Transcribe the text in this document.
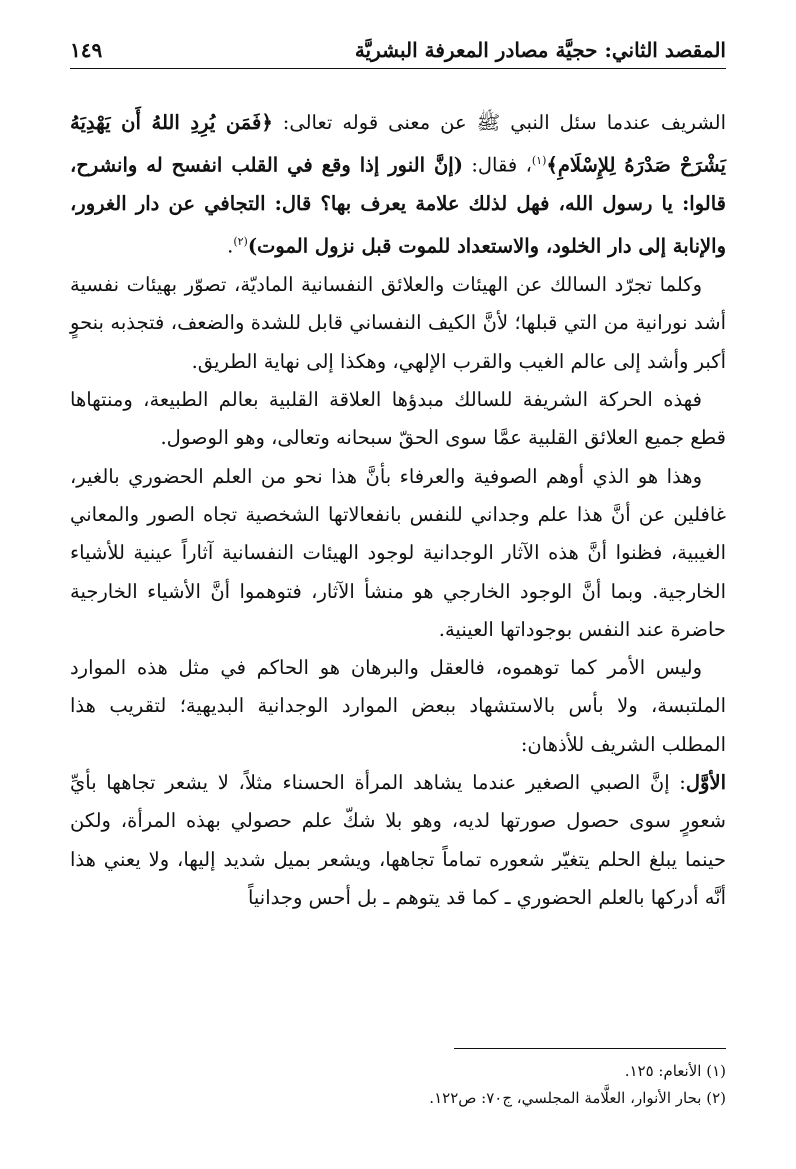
المقصد الثاني: حجيَّة مصادر المعرفة البشريَّة
١٤٩

الشريف عندما سئل النبي ﷺ عن معنى قوله تعالى: ﴿فَمَن يُرِدِ اللهُ أَن يَهْدِيَهُ يَشْرَحْ صَدْرَهُ لِلإِسْلَامِ﴾$^{(١)}$، فقال: (إنَّ النور إذا وقع في القلب انفسح له وانشرح، قالوا: يا رسول الله، فهل لذلك علامة يعرف بها؟ قال: التجافي عن دار الغرور، والإنابة إلى دار الخلود، والاستعداد للموت قبل نزول الموت)$^{(٢)}$.

وكلما تجرّد السالك عن الهيئات والعلائق النفسانية الماديّة، تصوّر بهيئات نفسية أشد نورانية من التي قبلها؛ لأنَّ الكيف النفساني قابل للشدة والضعف، فتجذبه بنحوٍ أكبر وأشد إلى عالم الغيب والقرب الإلهي، وهكذا إلى نهاية الطريق.

فهذه الحركة الشريفة للسالك مبدؤها العلاقة القلبية بعالم الطبيعة، ومنتهاها قطع جميع العلائق القلبية عمَّا سوى الحقّ سبحانه وتعالى، وهو الوصول.

وهذا هو الذي أوهم الصوفية والعرفاء بأنَّ هذا نحو من العلم الحضوري بالغير، غافلين عن أنَّ هذا علم وجداني للنفس بانفعالاتها الشخصية تجاه الصور والمعاني الغيبية، فظنوا أنَّ هذه الآثار الوجدانية لوجود الهيئات النفسانية آثاراً عينية للأشياء الخارجية. وبما أنَّ الوجود الخارجي هو منشأ الآثار، فتوهموا أنَّ الأشياء الخارجية حاضرة عند النفس بوجوداتها العينية.

وليس الأمر كما توهموه، فالعقل والبرهان هو الحاكم في مثل هذه الموارد الملتبسة، ولا بأس بالاستشهاد ببعض الموارد الوجدانية البديهية؛ لتقريب هذا المطلب الشريف للأذهان:

الأوَّل: إنَّ الصبي الصغير عندما يشاهد المرأة الحسناء مثلاً، لا يشعر تجاهها بأيِّ شعورٍ سوى حصول صورتها لديه، وهو بلا شكّ علم حصولي بهذه المرأة، ولكن حينما يبلغ الحلم يتغيّر شعوره تماماً تجاهها، ويشعر بميل شديد إليها، ولا يعني هذا أنَّه أدركها بالعلم الحضوري ـ كما قد يتوهم ـ بل أحس وجدانياً

(١) الأنعام: ١٢٥.
(٢) بحار الأنوار، العلَّامة المجلسي، ج٧٠: ص١٢٢.
